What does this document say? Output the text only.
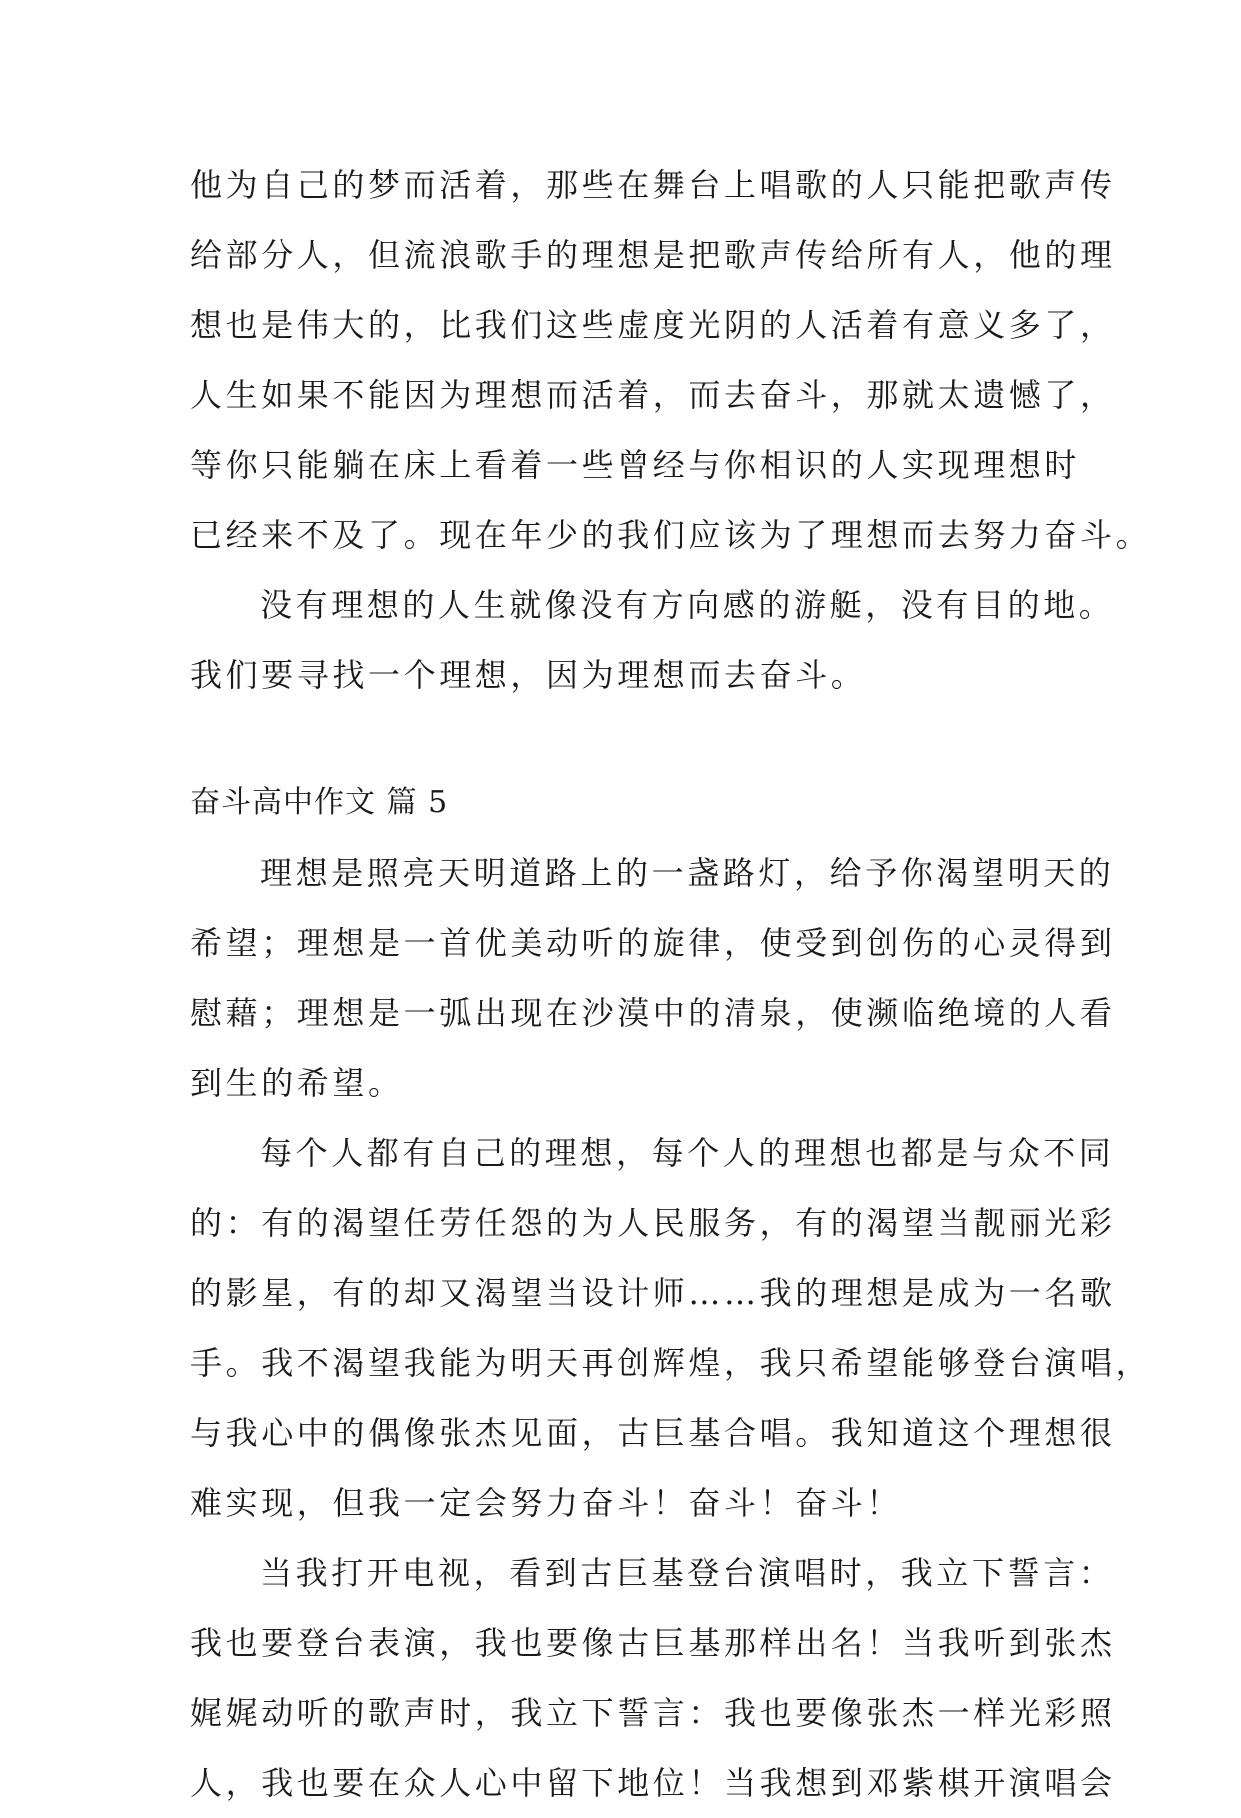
他为自己的梦而活着，那些在舞台上唱歌的人只能把歌声传
给部分人，但流浪歌手的理想是把歌声传给所有人，他的理
想也是伟大的，比我们这些虚度光阴的人活着有意义多了，
人生如果不能因为理想而活着，而去奋斗，那就太遗憾了，
等你只能躺在床上看着一些曾经与你相识的人实现理想时
已经来不及了。现在年少的我们应该为了理想而去努力奋斗。
没有理想的人生就像没有方向感的游艇，没有目的地。
我们要寻找一个理想，因为理想而去奋斗。
奋斗高中作文 篇 5
理想是照亮天明道路上的一盏路灯，给予你渴望明天的
希望；理想是一首优美动听的旋律，使受到创伤的心灵得到
慰藉；理想是一弧出现在沙漠中的清泉，使濒临绝境的人看
到生的希望。
每个人都有自己的理想，每个人的理想也都是与众不同
的：有的渴望任劳任怨的为人民服务，有的渴望当靓丽光彩
的影星，有的却又渴望当设计师……我的理想是成为一名歌
手。我不渴望我能为明天再创辉煌，我只希望能够登台演唱，
与我心中的偶像张杰见面，古巨基合唱。我知道这个理想很
难实现，但我一定会努力奋斗！奋斗！奋斗！
当我打开电视，看到古巨基登台演唱时，我立下誓言：
我也要登台表演，我也要像古巨基那样出名！当我听到张杰
娓娓动听的歌声时，我立下誓言：我也要像张杰一样光彩照
人，我也要在众人心中留下地位！当我想到邓紫棋开演唱会
